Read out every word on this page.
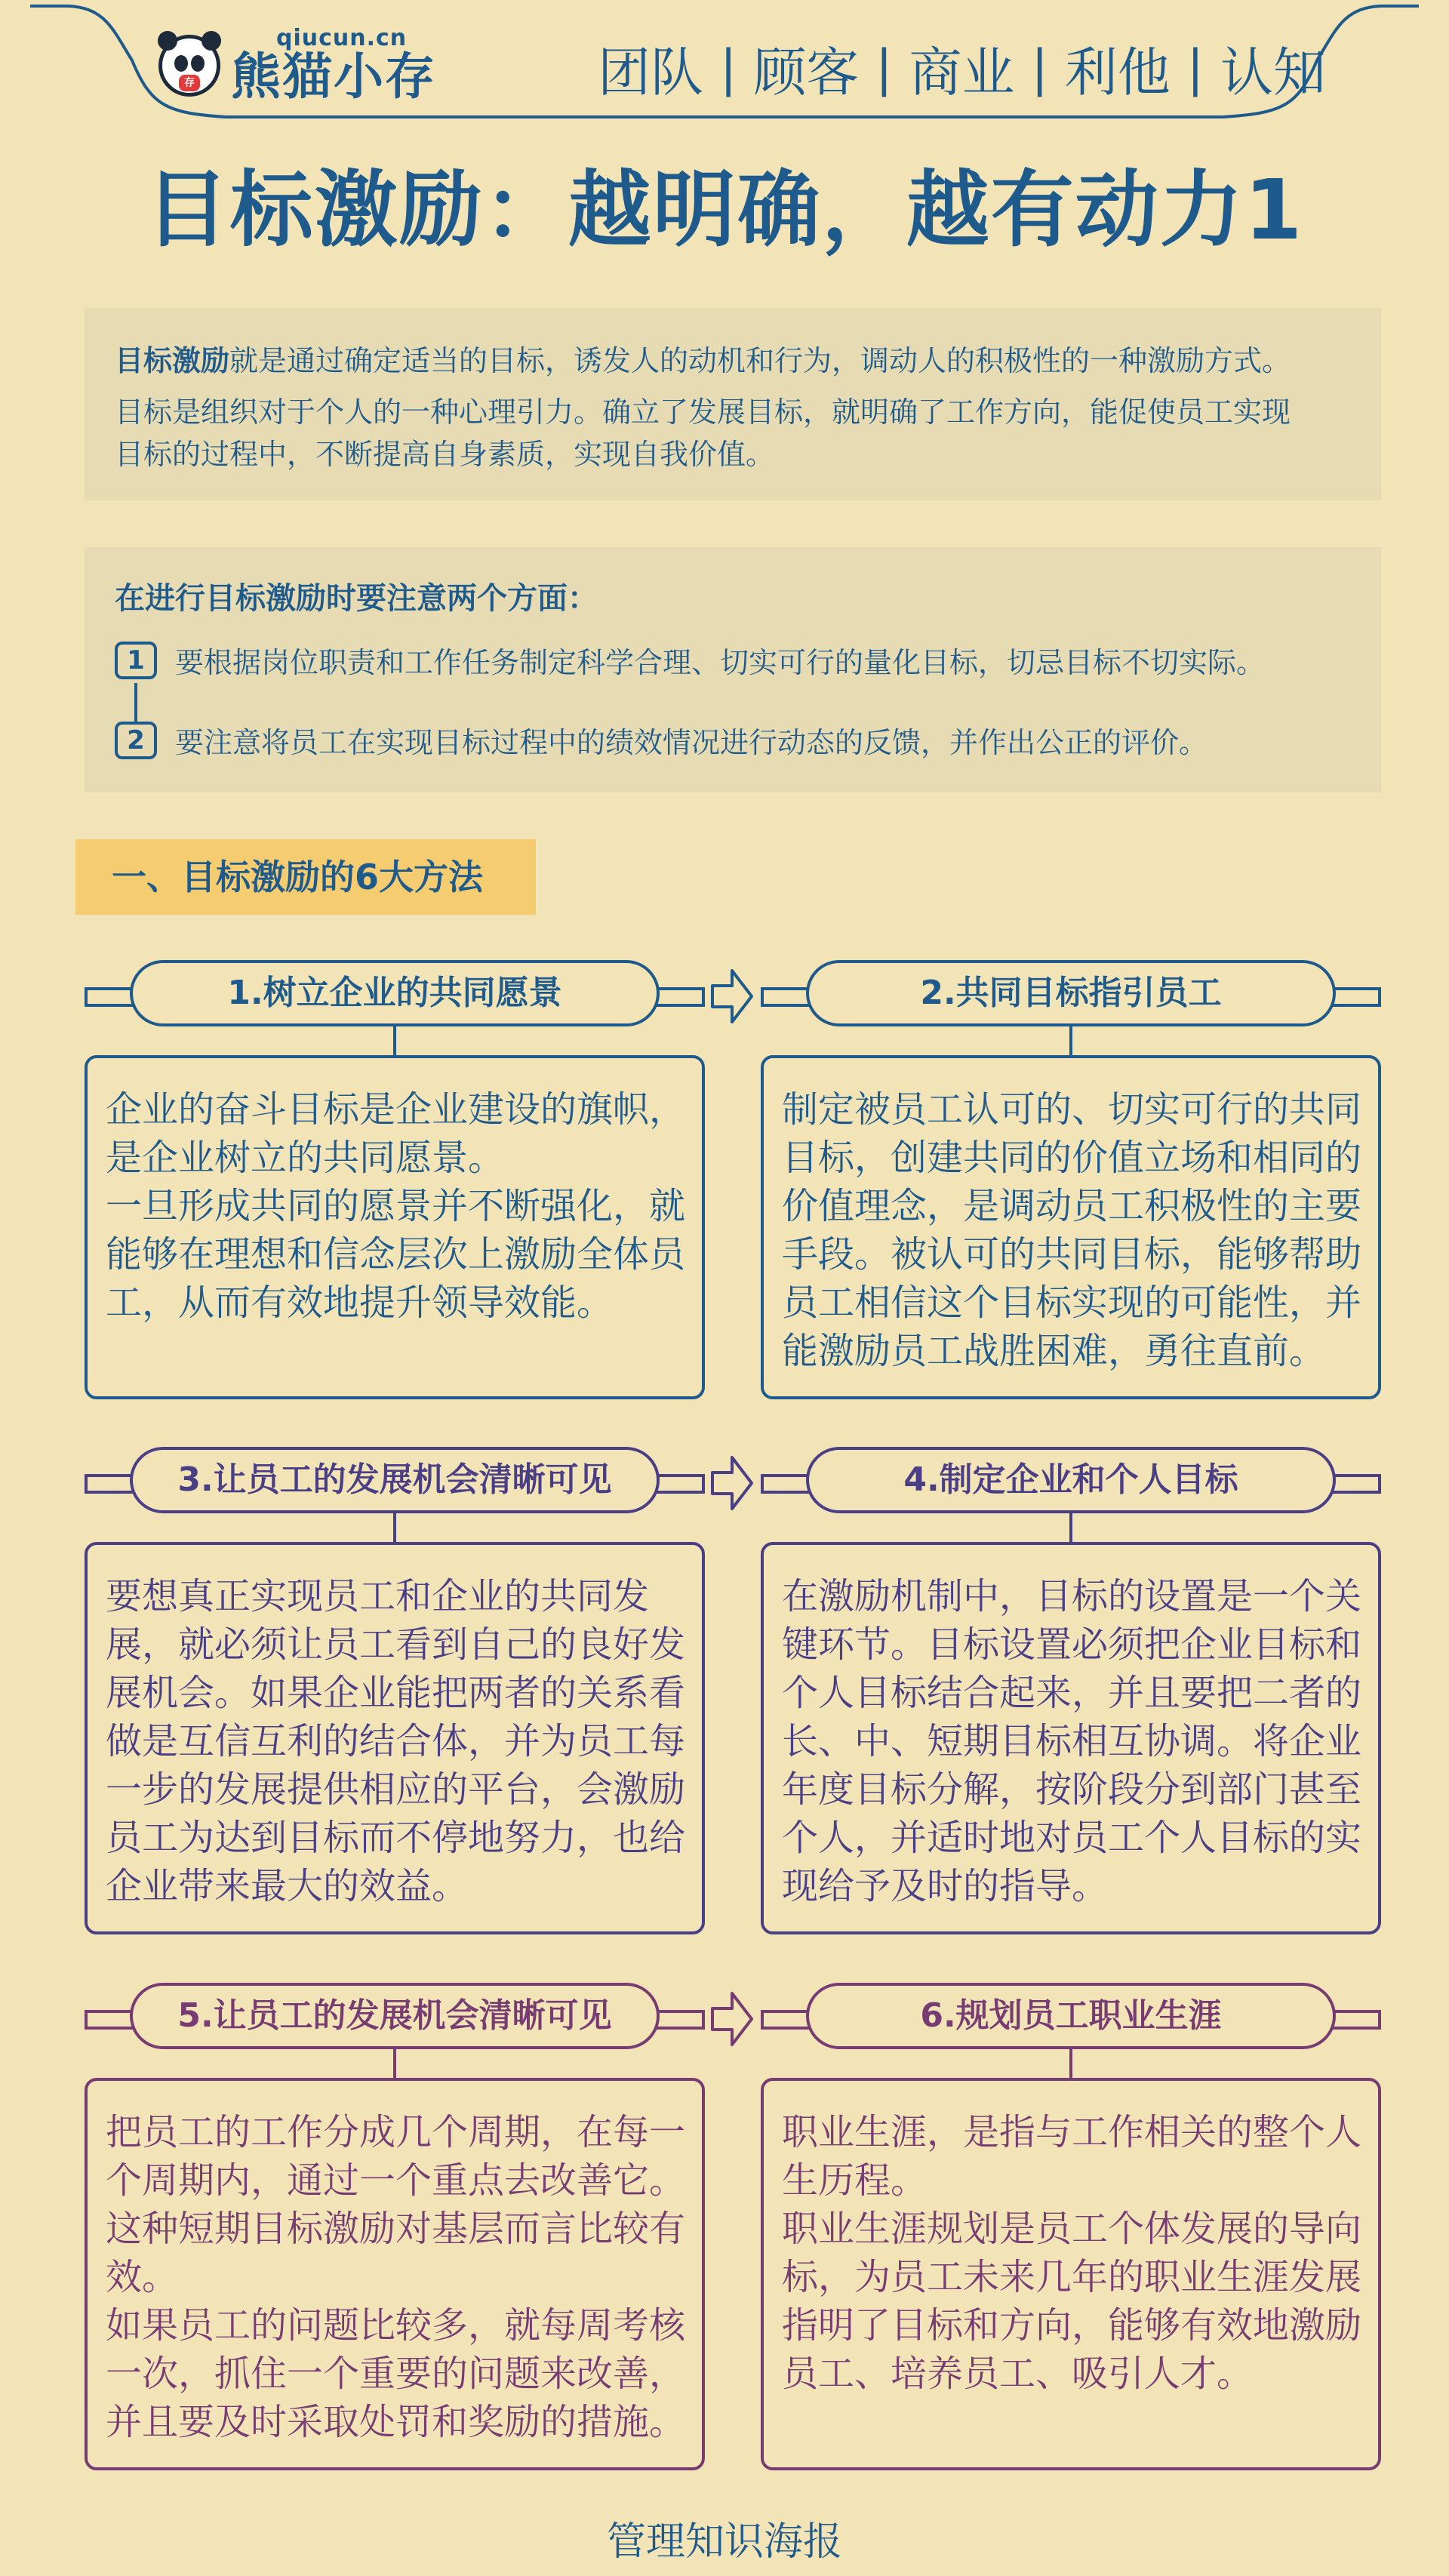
存
qiucun.cn
熊猫小存	团队 | 顾客 | 商业 | 利他 | 认知
目标激励：越明确，越有动力1
目标激励就是通过确定适当的目标，诱发人的动机和行为，调动人的积极性的一种激励方式。
目标是组织对于个人的一种心理引力。确立了发展目标，就明确了工作方向，能促使员工实现
目标的过程中，不断提高自身素质，实现自我价值。
在进行目标激励时要注意两个方面：
1	要根据岗位职责和工作任务制定科学合理、切实可行的量化目标，切忌目标不切实际。
2	要注意将员工在实现目标过程中的绩效情况进行动态的反馈，并作出公正的评价。
一、目标激励的6大方法
1.树立企业的共同愿景
企业的奋斗目标是企业建设的旗帜，
是企业树立的共同愿景。
一旦形成共同的愿景并不断强化，就
能够在理想和信念层次上激励全体员
工，从而有效地提升领导效能。
2.共同目标指引员工
制定被员工认可的、切实可行的共同
目标，创建共同的价值立场和相同的
价值理念，是调动员工积极性的主要
手段。被认可的共同目标，能够帮助
员工相信这个目标实现的可能性，并
能激励员工战胜困难，勇往直前。
3.让员工的发展机会清晰可见
要想真正实现员工和企业的共同发
展，就必须让员工看到自己的良好发
展机会。如果企业能把两者的关系看
做是互信互利的结合体，并为员工每
一步的发展提供相应的平台，会激励
员工为达到目标而不停地努力，也给
企业带来最大的效益。
4.制定企业和个人目标
在激励机制中，目标的设置是一个关
键环节。目标设置必须把企业目标和
个人目标结合起来，并且要把二者的
长、中、短期目标相互协调。将企业
年度目标分解，按阶段分到部门甚至
个人，并适时地对员工个人目标的实
现给予及时的指导。
5.让员工的发展机会清晰可见
把员工的工作分成几个周期，在每一
个周期内，通过一个重点去改善它。
这种短期目标激励对基层而言比较有
效。
如果员工的问题比较多，就每周考核
一次，抓住一个重要的问题来改善，
并且要及时采取处罚和奖励的措施。
6.规划员工职业生涯
职业生涯，是指与工作相关的整个人
生历程。
职业生涯规划是员工个体发展的导向
标，为员工未来几年的职业生涯发展
指明了目标和方向，能够有效地激励
员工、培养员工、吸引人才。
管理知识海报
